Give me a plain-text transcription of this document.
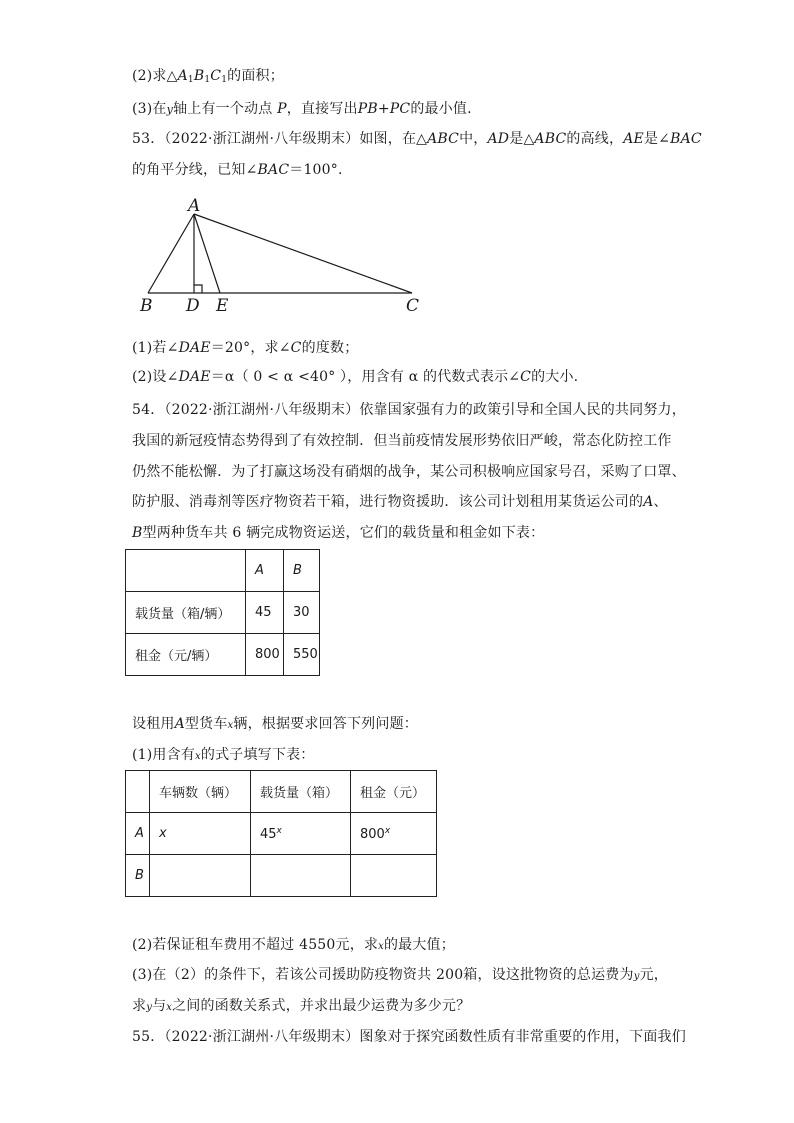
(2)求$\triangle A_1B_1C_1$的面积；
(3)在y轴上有一个动点 P，直接写出PB+PC的最小值.
53．（2022·浙江湖州·八年级期末）如图，在△ABC中，AD是△ABC的高线，AE是∠BAC
的角平分线，已知∠BAC＝100°.
A
B D E	C
(1)若∠DAE＝20°，求∠C的度数；
(2)设∠DAE＝α（ 0 < α <40° ），用含有 α 的代数式表示∠C的大小.
54．（2022·浙江湖州·八年级期末）依靠国家强有力的政策引导和全国人民的共同努力，
我国的新冠疫情态势得到了有效控制．但当前疫情发展形势依旧严峻，常态化防控工作
仍然不能松懈．为了打赢这场没有硝烟的战争，某公司积极响应国家号召，采购了口罩、
防护服、消毒剂等医疗物资若干箱，进行物资援助．该公司计划租用某货运公司的A、
B型两种货车共 6 辆完成物资运送，它们的载货量和租金如下表：
	A	B
载货量（箱/辆）	45	30
租金（元/辆）	800	550
设租用A型货车x辆，根据要求回答下列问题：
(1)用含有x的式子填写下表：
	车辆数（辆）	载货量（箱）	租金（元）
A	x	45$^x$	800$^x$
B			
(2)若保证租车费用不超过 4550元，求x的最大值；
(3)在（2）的条件下，若该公司援助防疫物资共 200箱，设这批物资的总运费为y元，
求y与x之间的函数关系式，并求出最少运费为多少元？
55．（2022·浙江湖州·八年级期末）图象对于探究函数性质有非常重要的作用，下面我们
